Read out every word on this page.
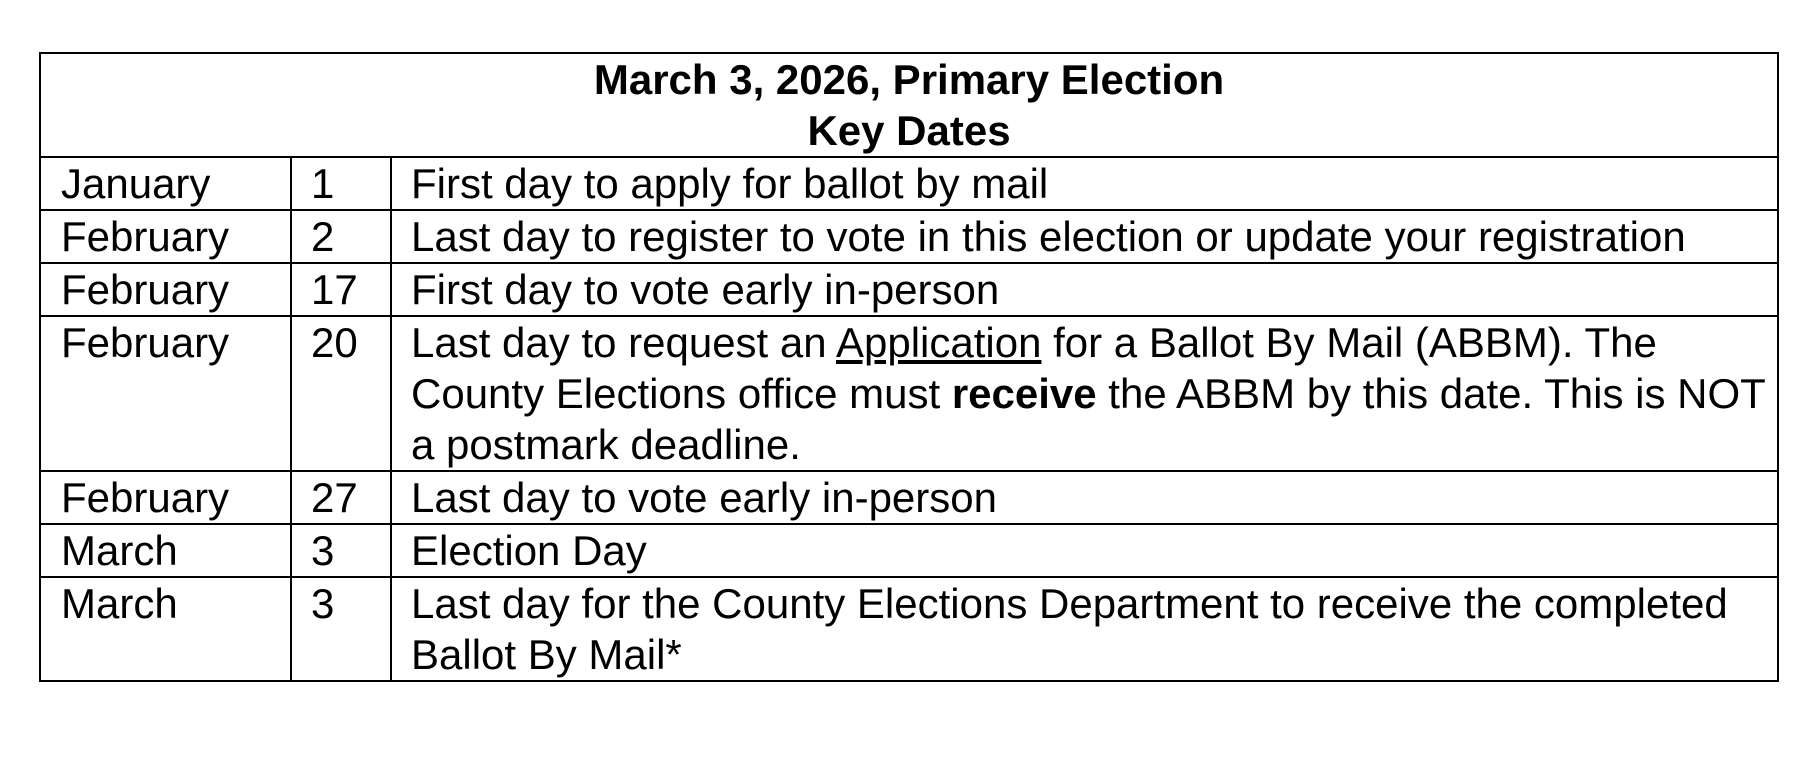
March 3, 2026, Primary Election
Key Dates		

January	1	First day to apply for ballot by mail
February	2	Last day to register to vote in this election or update your registration
February	17	First day to vote early in-person
February	20	Last day to request an Application for a Ballot By Mail (ABBM). The County Elections office must receive the ABBM by this date. This is NOT a postmark deadline.
February	27	Last day to vote early in-person
March	3	Election Day
March	3	Last day for the County Elections Department to receive the completed Ballot By Mail*
